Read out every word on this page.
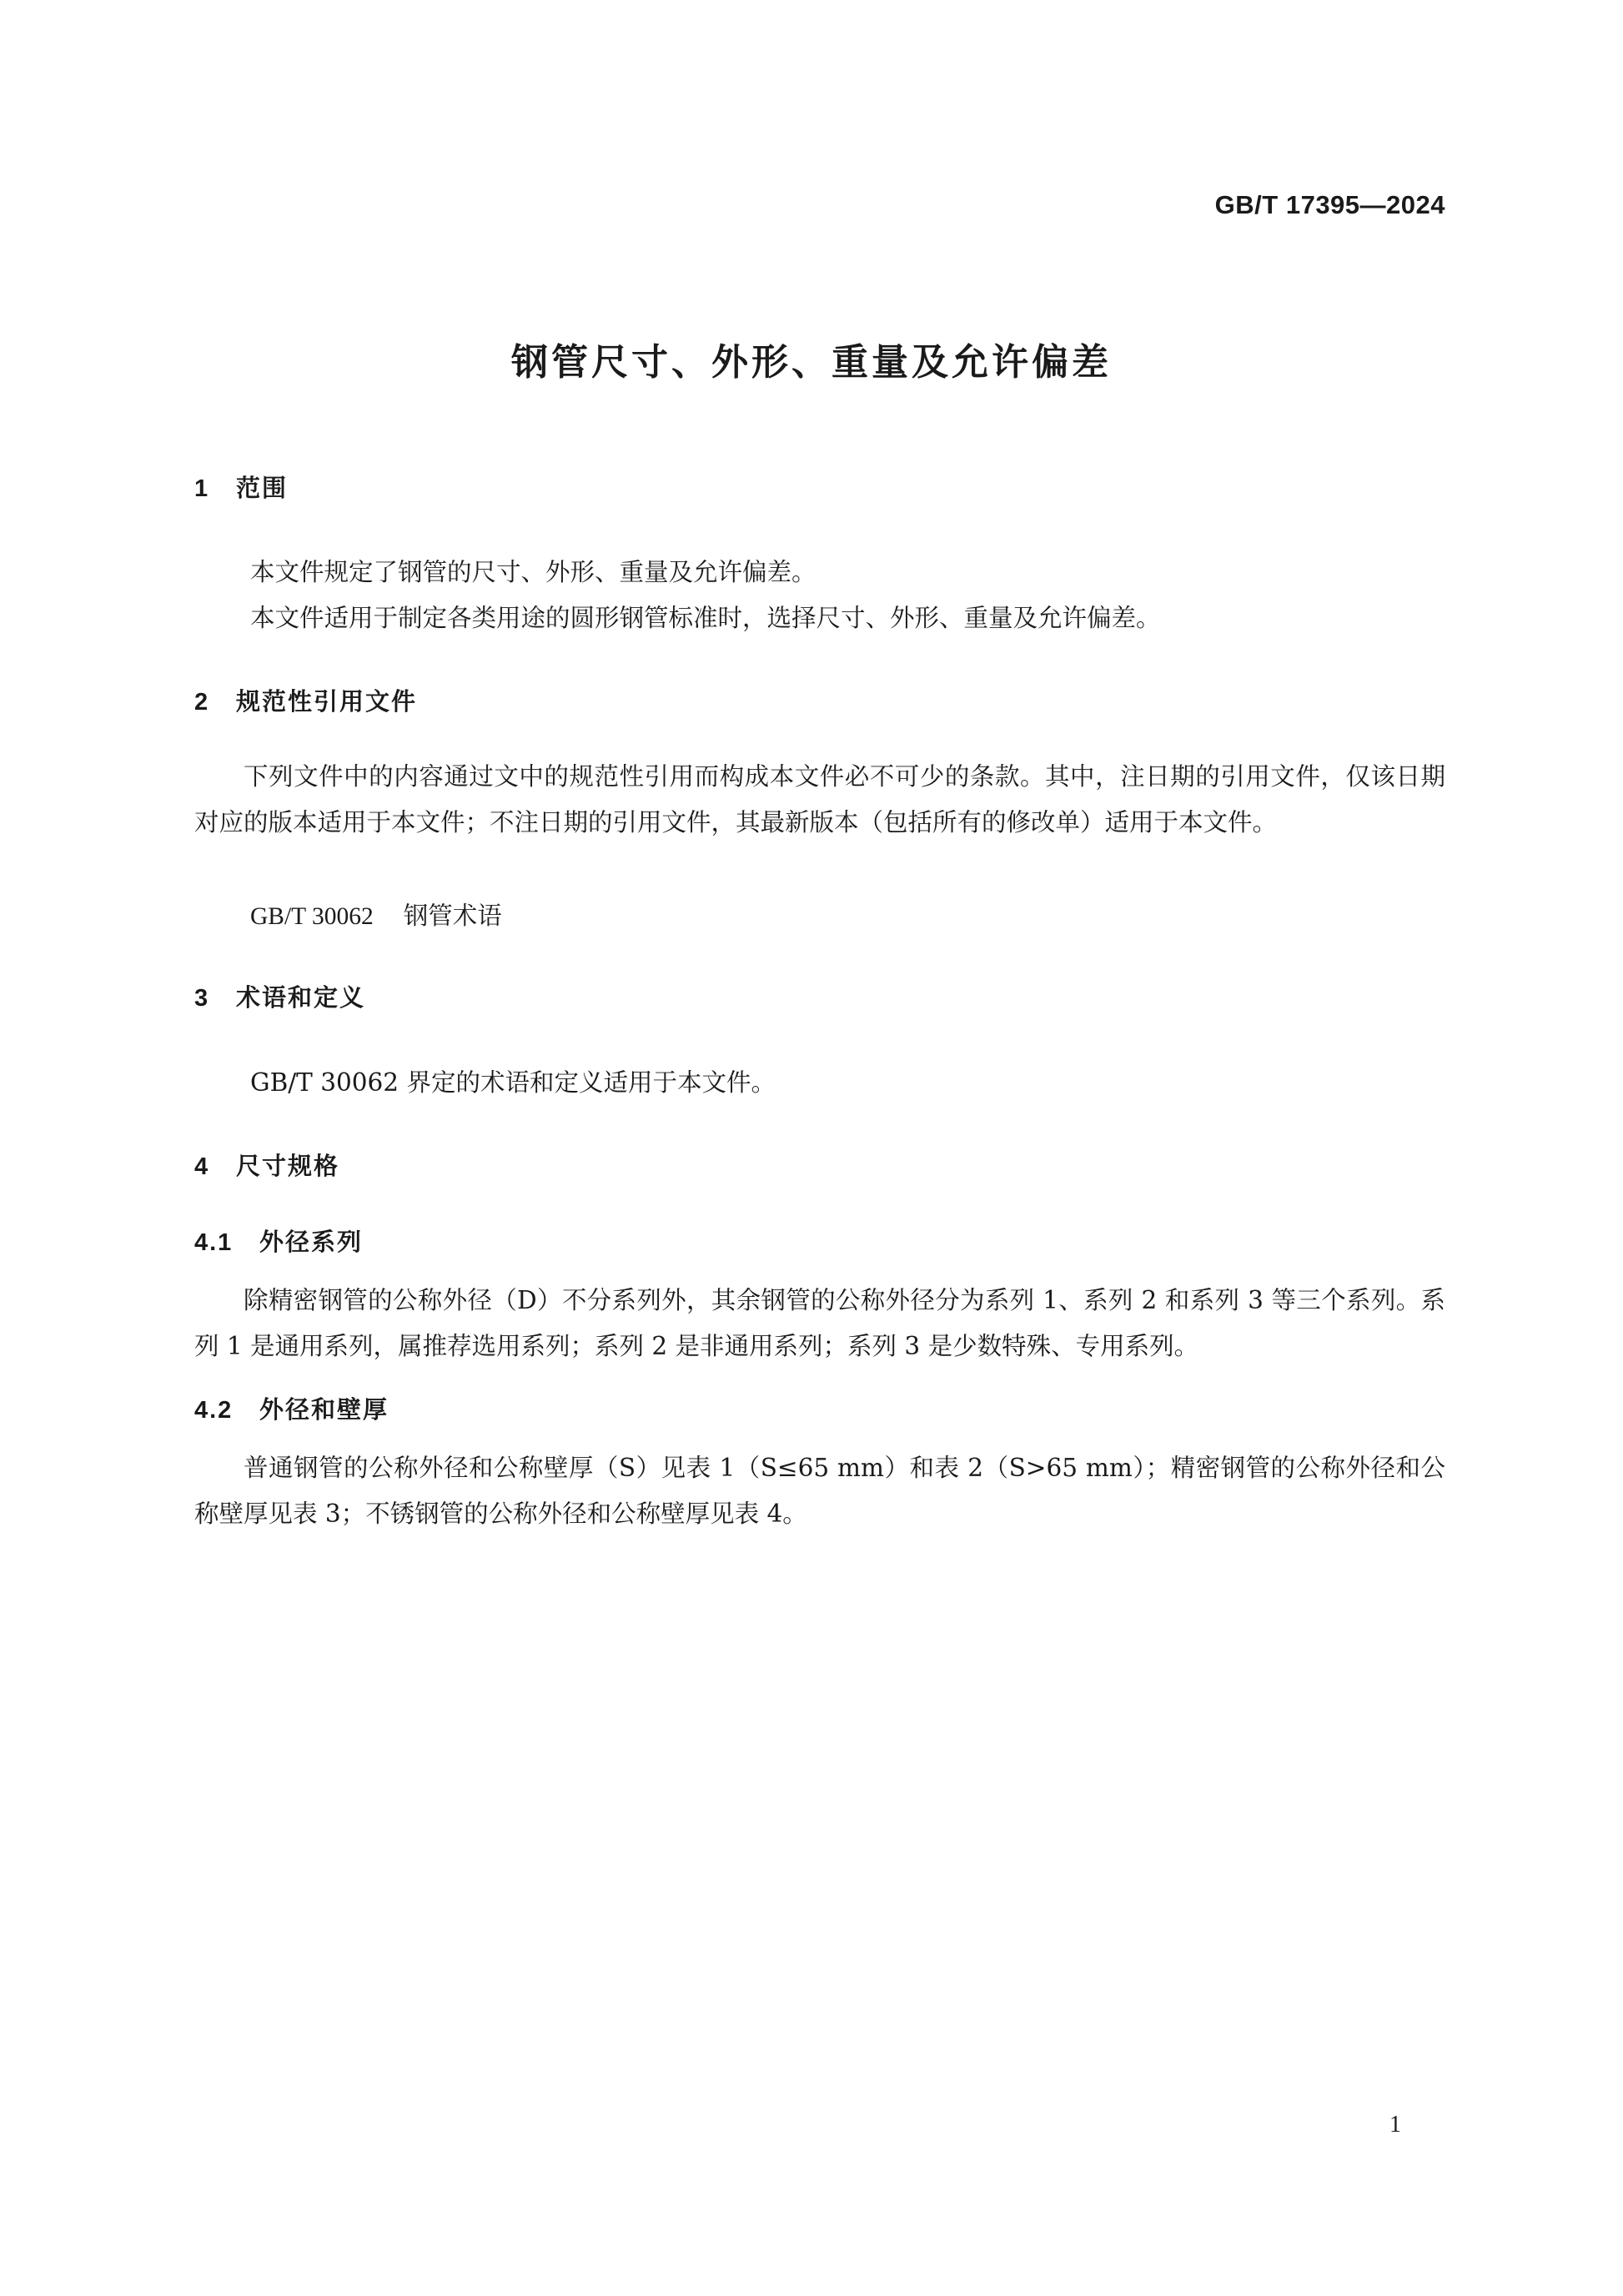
GB/T 17395—2024
钢管尺寸、外形、重量及允许偏差
1 范围
本文件规定了钢管的尺寸、外形、重量及允许偏差。
本文件适用于制定各类用途的圆形钢管标准时，选择尺寸、外形、重量及允许偏差。
2 规范性引用文件

下列文件中的内容通过文中的规范性引用而构成本文件必不可少的条款。其中，注日期的引用文件，仅该日期对应的版本适用于本文件；不注日期的引用文件，其最新版本（包括所有的修改单）适用于本文件。

GB/T 30062 钢管术语
3 术语和定义
GB/T 30062 界定的术语和定义适用于本文件。
4 尺寸规格
4.1 外径系列

除精密钢管的公称外径（D）不分系列外，其余钢管的公称外径分为系列 1、系列 2 和系列 3 等三个系列。系列 1 是通用系列，属推荐选用系列；系列 2 是非通用系列；系列 3 是少数特殊、专用系列。

4.2 外径和壁厚

普通钢管的公称外径和公称壁厚（S）见表 1（S≤65 mm）和表 2（S>65 mm）；精密钢管的公称外径和公称壁厚见表 3；不锈钢管的公称外径和公称壁厚见表 4。

1
